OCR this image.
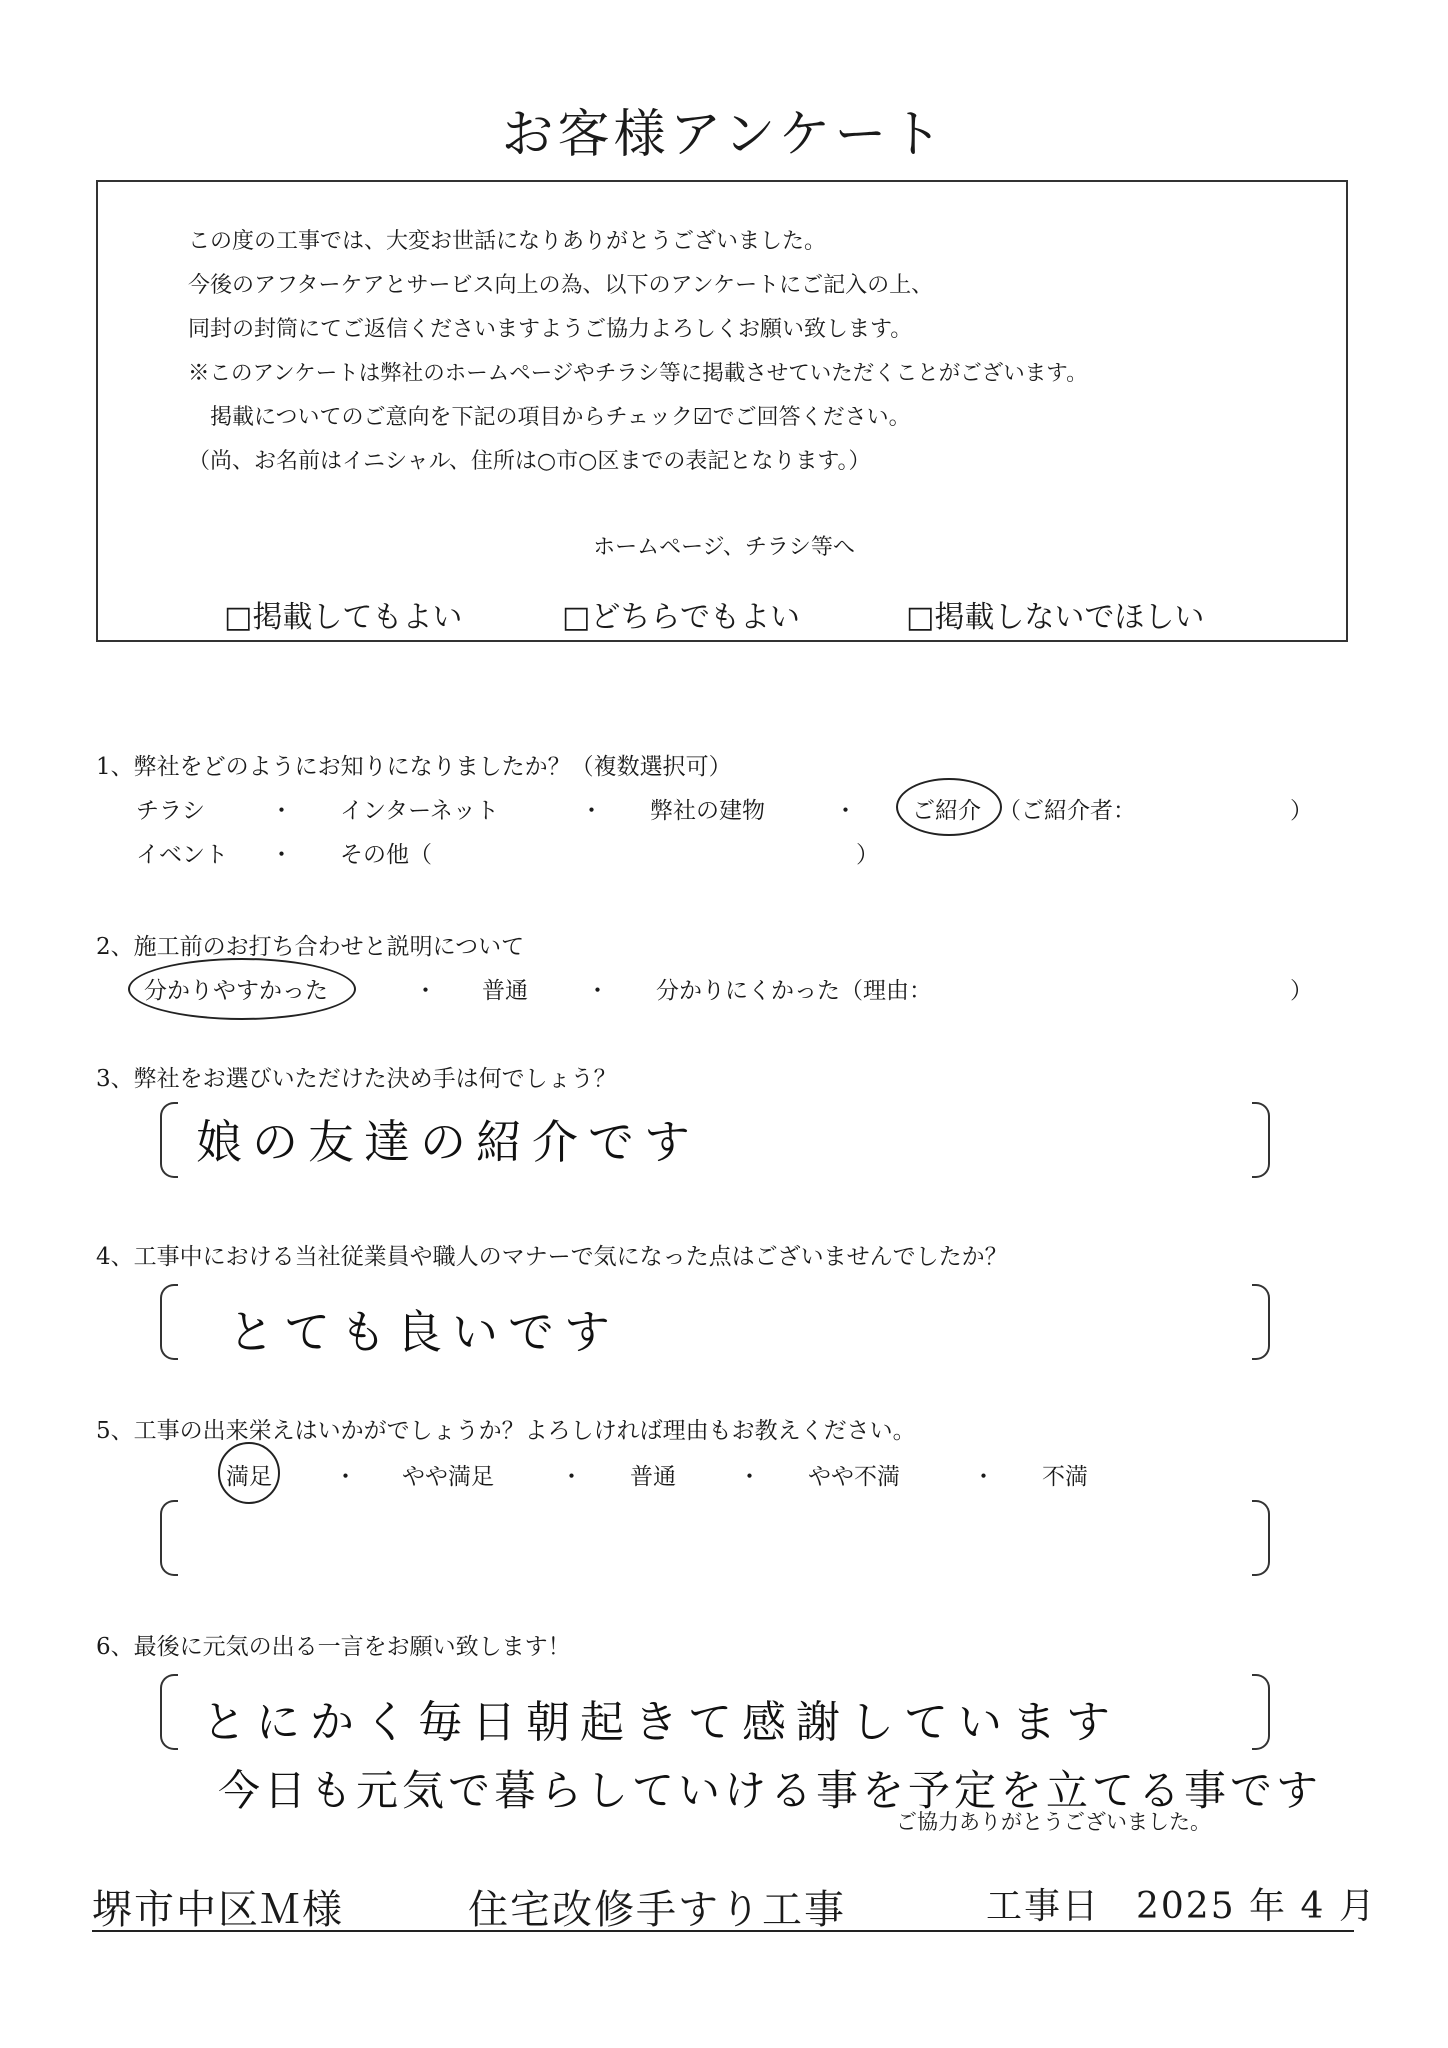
お客様アンケート
この度の工事では、大変お世話になりありがとうございました。
今後のアフターケアとサービス向上の為、以下のアンケートにご記入の上、
同封の封筒にてご返信くださいますようご協力よろしくお願い致します。
※このアンケートは弊社のホームページやチラシ等に掲載させていただくことがございます。
掲載についてのご意向を下記の項目からチェック☑でご回答ください。
（尚、お名前はイニシャル、住所は○市○区までの表記となります。）
ホームページ、チラシ等へ
□掲載してもよい	□どちらでもよい	□掲載しないでほしい
1、弊社をどのようにお知りになりましたか？（複数選択可）
チラシ	・ インターネット	・ 弊社の建物	・ ご紹介 （ご紹介者：	）
イベント ・ その他（	）
2、施工前のお打ち合わせと説明について
分かりやすかった	・ 普通	・ 分かりにくかった（理由：	）
3、弊社をお選びいただけた決め手は何でしょう？
娘の友達の紹介です
4、工事中における当社従業員や職人のマナーで気になった点はございませんでしたか？
とても良いです
5、工事の出来栄えはいかがでしょうか？よろしければ理由もお教えください。
満足	・ やや満足	・ 普通	・ やや不満	・ 不満
6、最後に元気の出る一言をお願い致します！
とにかく毎日朝起きて感謝しています
今日も元気で暮らしていける事を予定を立てる事です
ご協力ありがとうございました。
堺市中区Ｍ様	住宅改修手すり工事	工事日 2025 年 4 月
